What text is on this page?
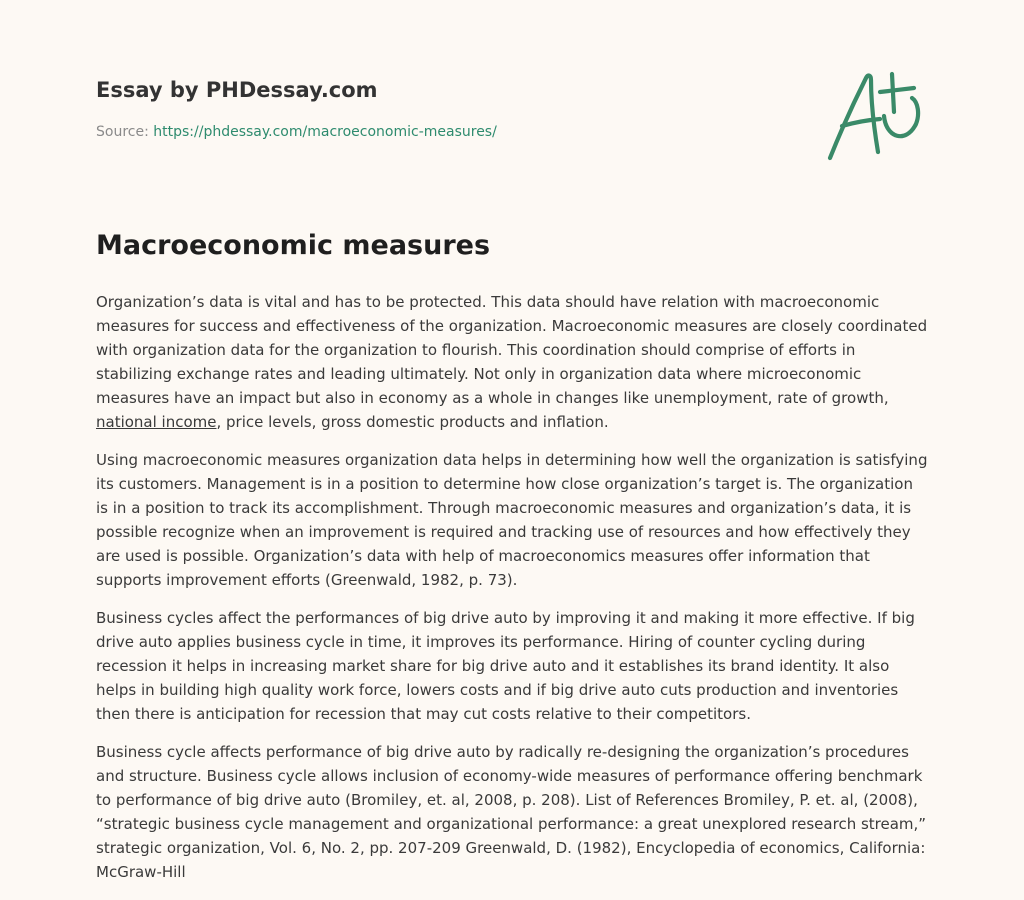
Essay by PHDessay.com
Source: https://phdessay.com/macroeconomic-measures/
Macroeconomic measures

Organization’s data is vital and has to be protected. This data should have relation with macroeconomic measures for success and effectiveness of the organization. Macroeconomic measures are closely coordinated with organization data for the organization to flourish. This coordination should comprise of efforts in stabilizing exchange rates and leading ultimately. Not only in organization data where microeconomic measures have an impact but also in economy as a whole in changes like unemployment, rate of growth, national income, price levels, gross domestic products and inflation.

Using macroeconomic measures organization data helps in determining how well the organization is satisfying its customers. Management is in a position to determine how close organization’s target is. The organization is in a position to track its accomplishment. Through macroeconomic measures and organization’s data, it is possible recognize when an improvement is required and tracking use of resources and how effectively they are used is possible. Organization’s data with help of macroeconomics measures offer information that supports improvement efforts (Greenwald, 1982, p. 73).

Business cycles affect the performances of big drive auto by improving it and making it more effective. If big drive auto applies business cycle in time, it improves its performance. Hiring of counter cycling during recession it helps in increasing market share for big drive auto and it establishes its brand identity. It also helps in building high quality work force, lowers costs and if big drive auto cuts production and inventories then there is anticipation for recession that may cut costs relative to their competitors.

Business cycle affects performance of big drive auto by radically re-designing the organization’s procedures and structure. Business cycle allows inclusion of economy-wide measures of performance offering benchmark to performance of big drive auto (Bromiley, et. al, 2008, p. 208). List of References Bromiley, P. et. al, (2008), “strategic business cycle management and organizational performance: a great unexplored research stream,” strategic organization, Vol. 6, No. 2, pp. 207-209 Greenwald, D. (1982), Encyclopedia of economics, California: McGraw-Hill
